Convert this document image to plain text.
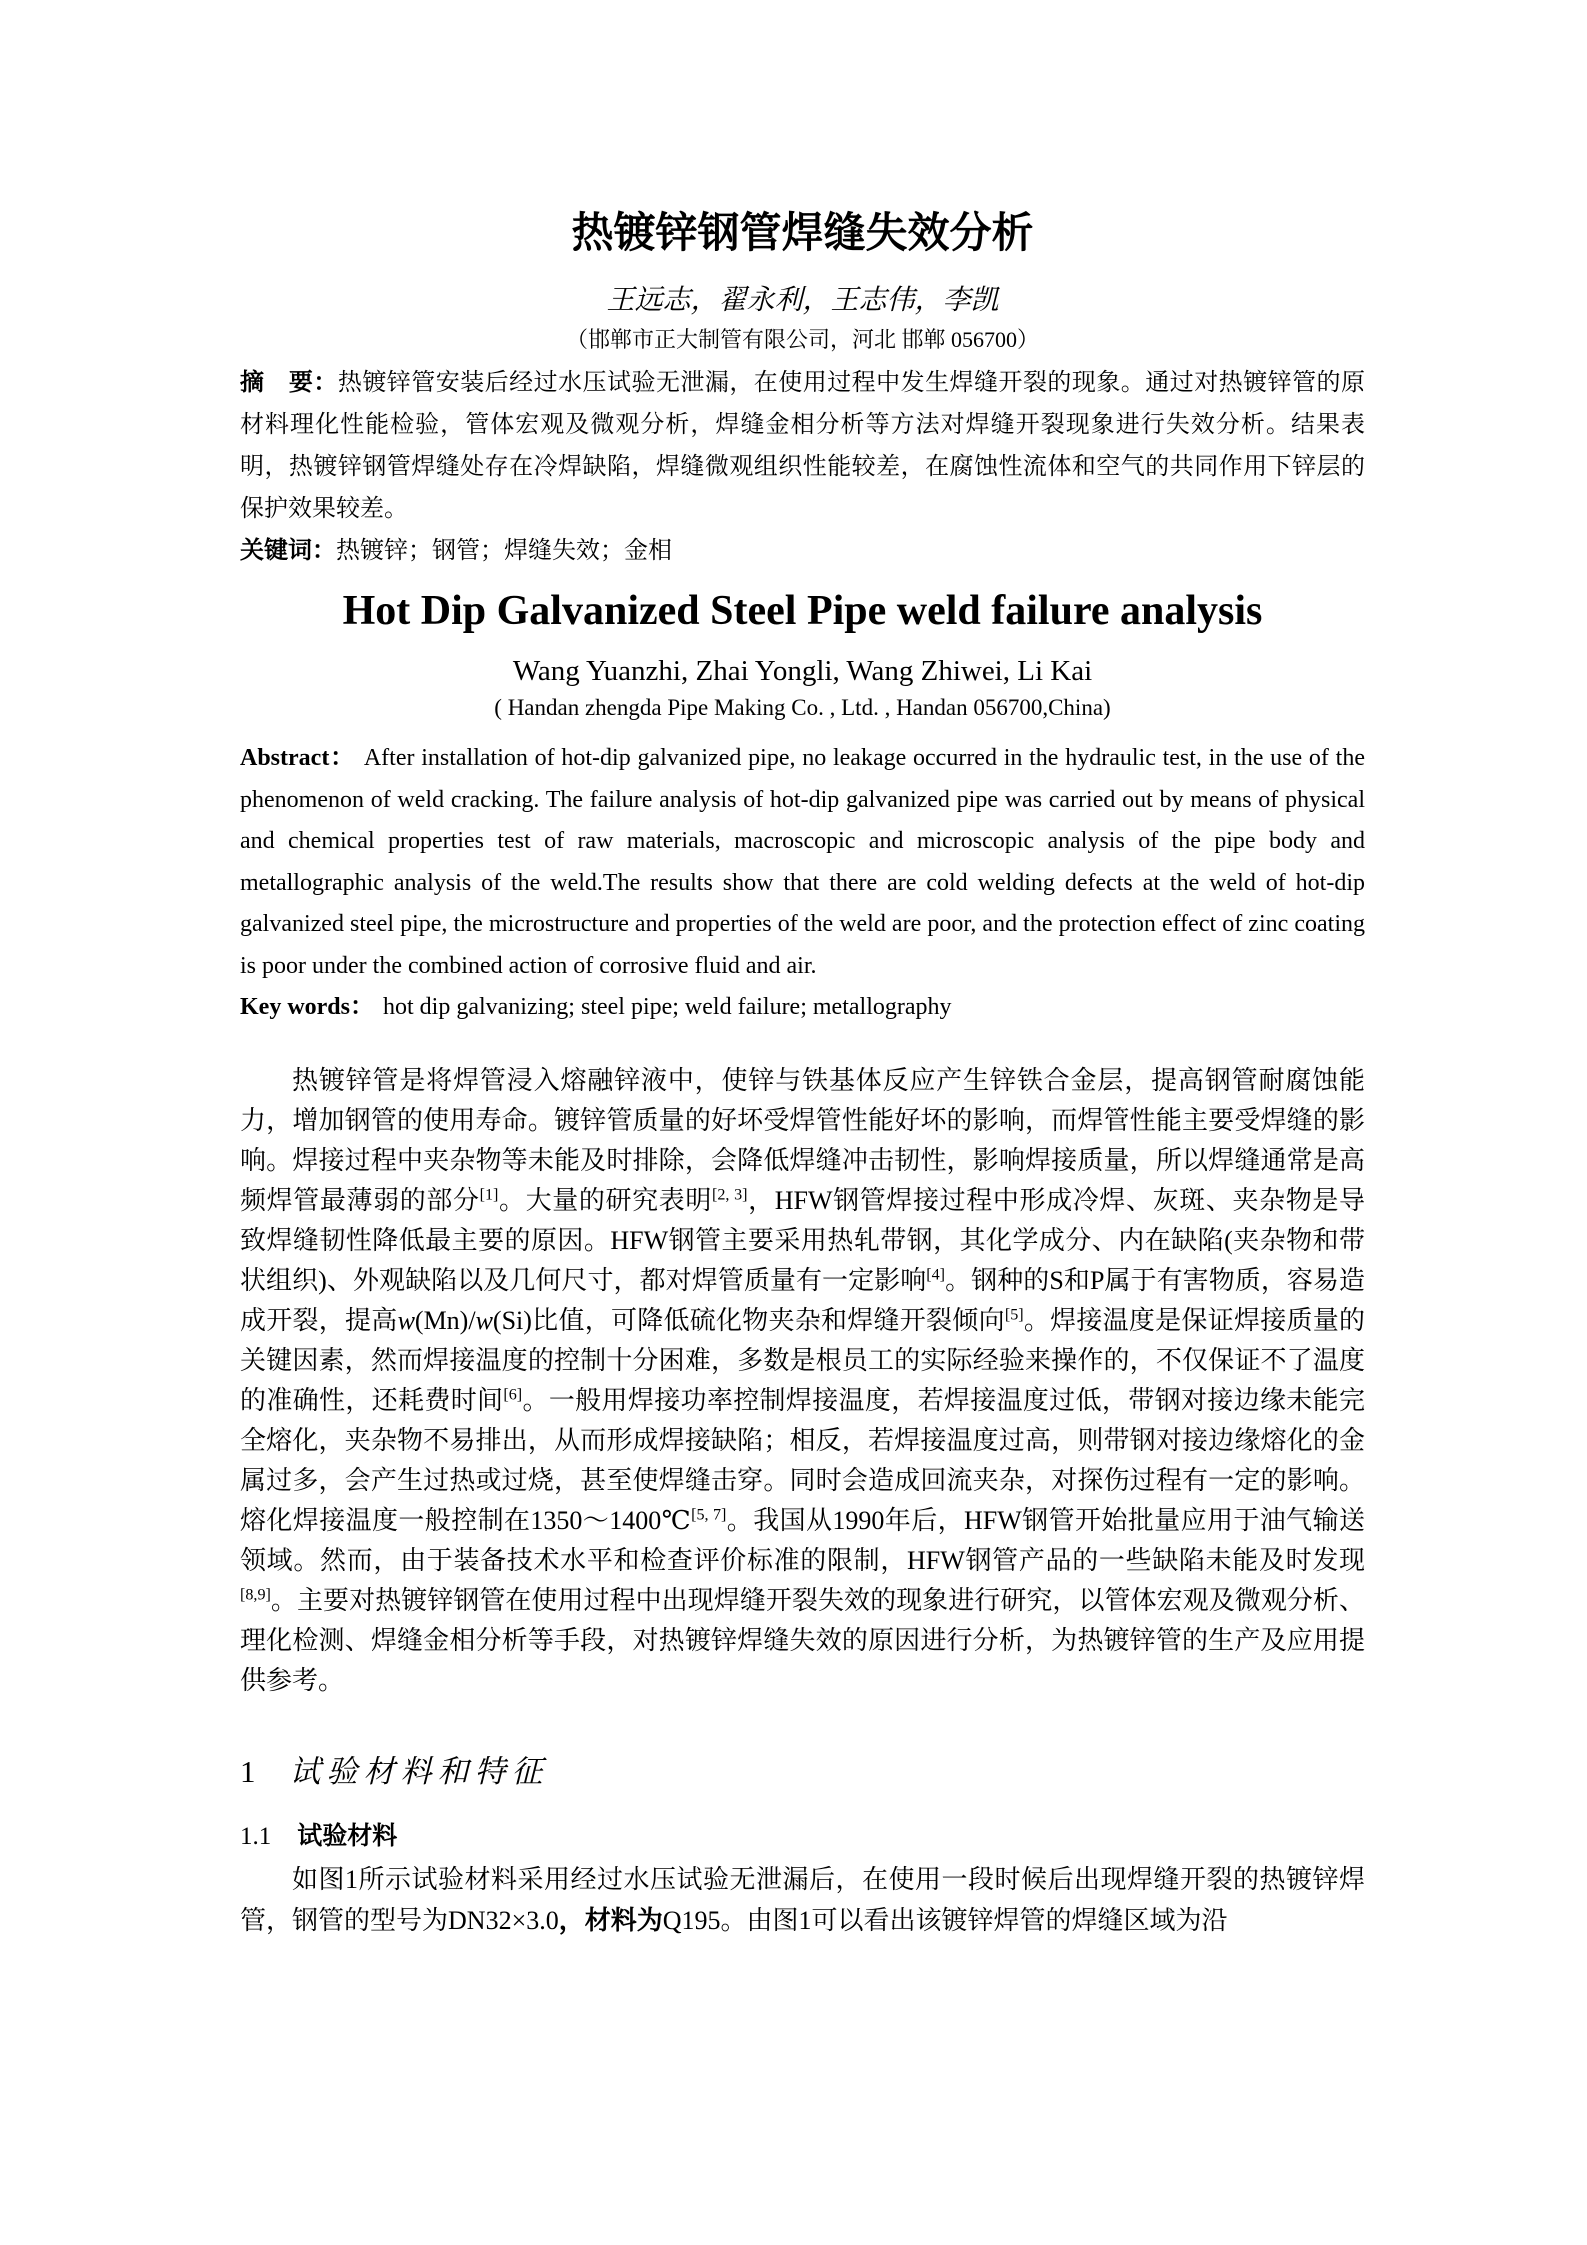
热镀锌钢管焊缝失效分析

王远志，翟永利，王志伟，李凯

（邯郸市正大制管有限公司，河北 邯郸 056700）

摘　要：热镀锌管安装后经过水压试验无泄漏，在使用过程中发生焊缝开裂的现象。通过对热镀锌管的原材料理化性能检验，管体宏观及微观分析，焊缝金相分析等方法对焊缝开裂现象进行失效分析。结果表明，热镀锌钢管焊缝处存在冷焊缺陷，焊缝微观组织性能较差，在腐蚀性流体和空气的共同作用下锌层的保护效果较差。

关键词：热镀锌；钢管；焊缝失效；金相

Hot Dip Galvanized Steel Pipe weld failure analysis

Wang Yuanzhi, Zhai Yongli, Wang Zhiwei, Li Kai

( Handan zhengda Pipe Making Co. , Ltd. , Handan 056700,China)

Abstract： After installation of hot-dip galvanized pipe, no leakage occurred in the hydraulic test, in the use of the phenomenon of weld cracking. The failure analysis of hot-dip galvanized pipe was carried out by means of physical and chemical properties test of raw materials, macroscopic and microscopic analysis of the pipe body and metallographic analysis of the weld.The results show that there are cold welding defects at the weld of hot-dip galvanized steel pipe, the microstructure and properties of the weld are poor, and the protection effect of zinc coating is poor under the combined action of corrosive fluid and air.

Key words： hot dip galvanizing; steel pipe; weld failure; metallography

热镀锌管是将焊管浸入熔融锌液中，使锌与铁基体反应产生锌铁合金层，提高钢管耐腐蚀能力，增加钢管的使用寿命。镀锌管质量的好坏受焊管性能好坏的影响，而焊管性能主要受焊缝的影响。焊接过程中夹杂物等未能及时排除，会降低焊缝冲击韧性，影响焊接质量，所以焊缝通常是高频焊管最薄弱的部分[1]。大量的研究表明[2, 3]，HFW钢管焊接过程中形成冷焊、灰斑、夹杂物是导致焊缝韧性降低最主要的原因。HFW钢管主要采用热轧带钢，其化学成分、内在缺陷(夹杂物和带状组织)、外观缺陷以及几何尺寸，都对焊管质量有一定影响[4]。钢种的S和P属于有害物质，容易造成开裂，提高w(Mn)/w(Si)比值，可降低硫化物夹杂和焊缝开裂倾向[5]。焊接温度是保证焊接质量的关键因素，然而焊接温度的控制十分困难，多数是根员工的实际经验来操作的，不仅保证不了温度的准确性，还耗费时间[6]。一般用焊接功率控制焊接温度，若焊接温度过低，带钢对接边缘未能完全熔化，夹杂物不易排出，从而形成焊接缺陷；相反，若焊接温度过高，则带钢对接边缘熔化的金属过多，会产生过热或过烧，甚至使焊缝击穿。同时会造成回流夹杂，对探伤过程有一定的影响。熔化焊接温度一般控制在1350～1400℃[5, 7]。我国从1990年后，HFW钢管开始批量应用于油气输送领域。然而，由于装备技术水平和检查评价标准的限制，HFW钢管产品的一些缺陷未能及时发现[8,9]。主要对热镀锌钢管在使用过程中出现焊缝开裂失效的现象进行研究，以管体宏观及微观分析、理化检测、焊缝金相分析等手段，对热镀锌焊缝失效的原因进行分析，为热镀锌管的生产及应用提供参考。

1 试验材料和特征
1.1 试验材料

如图1所示试验材料采用经过水压试验无泄漏后，在使用一段时候后出现焊缝开裂的热镀锌焊管，钢管的型号为DN32×3.0，材料为Q195。由图1可以看出该镀锌焊管的焊缝区域为沿
